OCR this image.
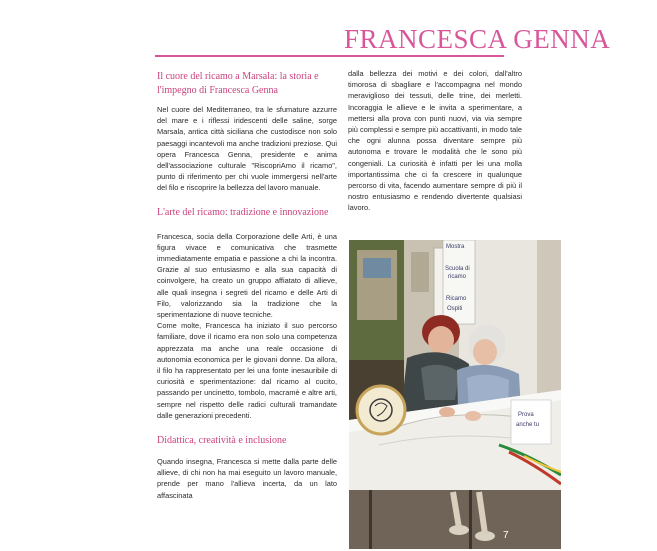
FRANCESCA GENNA
Il cuore del ricamo a Marsala: la storia e l'impegno di Francesca Genna

Nel cuore del Mediterraneo, tra le sfumature azzurre del mare e i riflessi iridescenti delle saline, sorge Marsala, antica città siciliana che custodisce non solo paesaggi incantevoli ma anche tradizioni preziose. Qui opera Francesca Genna, presidente e anima dell'associazione culturale "RiscopriAmo il ricamo", punto di riferimento per chi vuole immergersi nell'arte del filo e riscoprire la bellezza del lavoro manuale.

L'arte del ricamo: tradizione e innovazione

Francesca, socia della Corporazione delle Arti, è una figura vivace e comunicativa che trasmette immediatamente empatia e passione a chi la incontra. Grazie al suo entusiasmo e alla sua capacità di coinvolgere, ha creato un gruppo affiatato di allieve, alle quali insegna i segreti del ricamo e delle Arti di Filo, valorizzando sia la tradizione che la sperimentazione di nuove tecniche.

Come molte, Francesca ha iniziato il suo percorso familiare, dove il ricamo era non solo una competenza apprezzata ma anche una reale occasione di autonomia economica per le giovani donne. Da allora, il filo ha rappresentato per lei una fonte inesauribile di curiosità e sperimentazione: dal ricamo al cucito, passando per uncinetto, tombolo, macramè e altre arti, sempre nel rispetto delle radici culturali tramandate dalle generazioni precedenti.

Didattica, creatività e inclusione

Quando insegna, Francesca si mette dalla parte delle allieve, di chi non ha mai eseguito un lavoro manuale, prende per mano l'allieva incerta, da un lato affascinata

dalla bellezza dei motivi e dei colori, dall'altro timorosa di sbagliare e l'accompagna nel mondo meraviglioso dei tessuti, delle trine, dei merletti. Incoraggia le allieve e le invita a sperimentare, a mettersi alla prova con punti nuovi, via via sempre più complessi e sempre più accattivanti, in modo tale che ogni alunna possa diventare sempre più autonoma e trovare le modalità che le sono più congeniali. La curiosità è infatti per lei una molla importantissima che ci fa crescere in qualunque percorso di vita, facendo aumentare sempre di più il nostro entusiasmo e rendendo divertente qualsiasi lavoro.

Mostra
Scuola di
ricamo
Ricamo
Ospiti
Prova
anche tu
7
